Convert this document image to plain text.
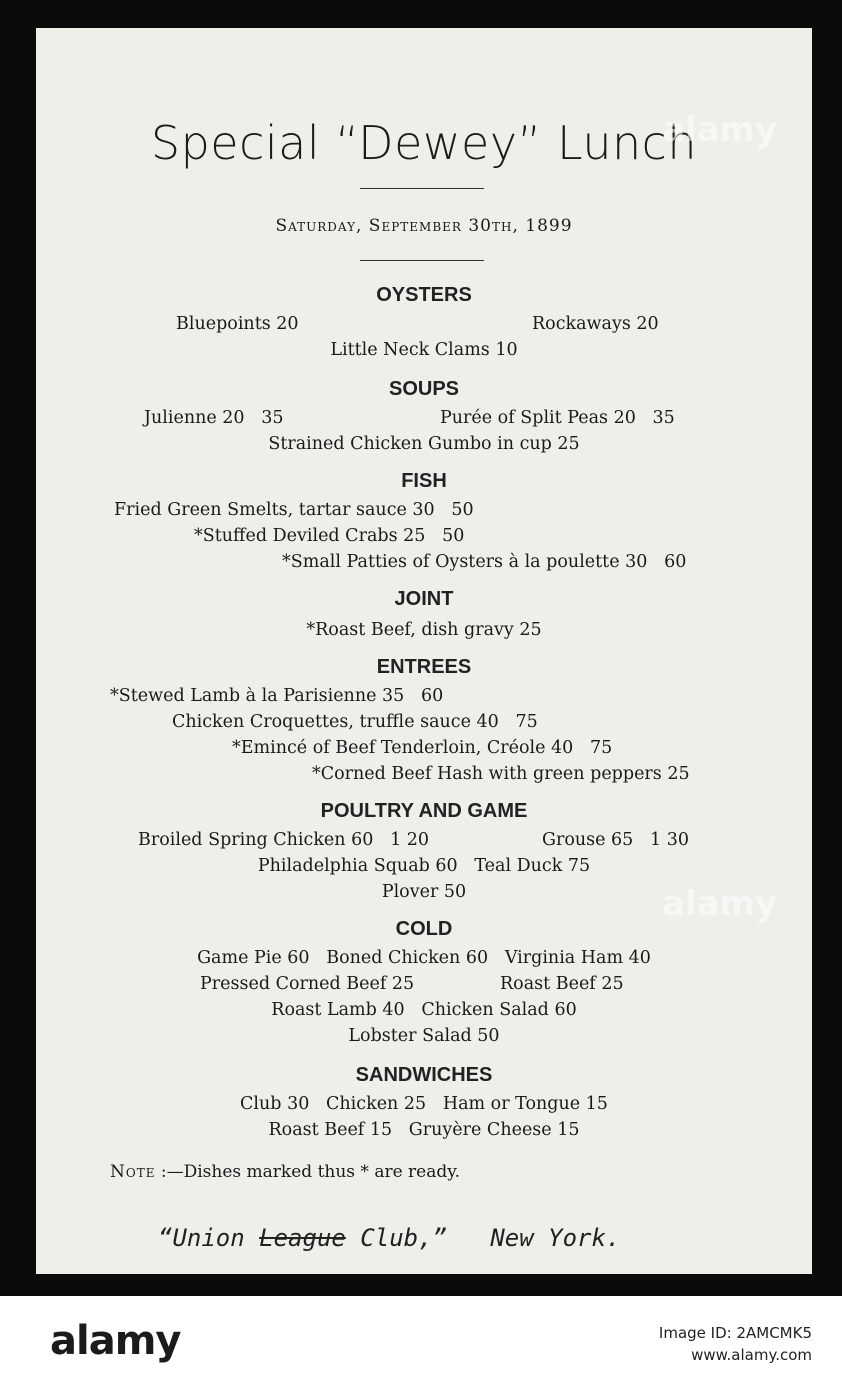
Special “Dewey” Lunch
Saturday, September 30th, 1899
OYSTERS
Bluepoints 20	Rockaways 20
Little Neck Clams 10
SOUPS
Julienne 20   35	Purée of Split Peas 20   35
Strained Chicken Gumbo in cup 25
FISH
Fried Green Smelts, tartar sauce 30   50
*Stuffed Deviled Crabs 25   50
*Small Patties of Oysters à la poulette 30   60
JOINT
*Roast Beef, dish gravy 25
ENTREES
*Stewed Lamb à la Parisienne 35   60
Chicken Croquettes, truffle sauce 40   75
*Emincé of Beef Tenderloin, Créole 40   75
*Corned Beef Hash with green peppers 25
POULTRY AND GAME
Broiled Spring Chicken 60   1 20	Grouse 65   1 30
Philadelphia Squab 60   Teal Duck 75
Plover 50
COLD
Game Pie 60   Boned Chicken 60   Virginia Ham 40
Pressed Corned Beef 25	Roast Beef 25
Roast Lamb 40   Chicken Salad 60
Lobster Salad 50
SANDWICHES
Club 30   Chicken 25   Ham or Tongue 15
Roast Beef 15   Gruyère Cheese 15
Note :—Dishes marked thus * are ready.
“Union League Club,”   New York.
alamy
alamy
alamy	Image ID: 2AMCMK5
www.alamy.com
